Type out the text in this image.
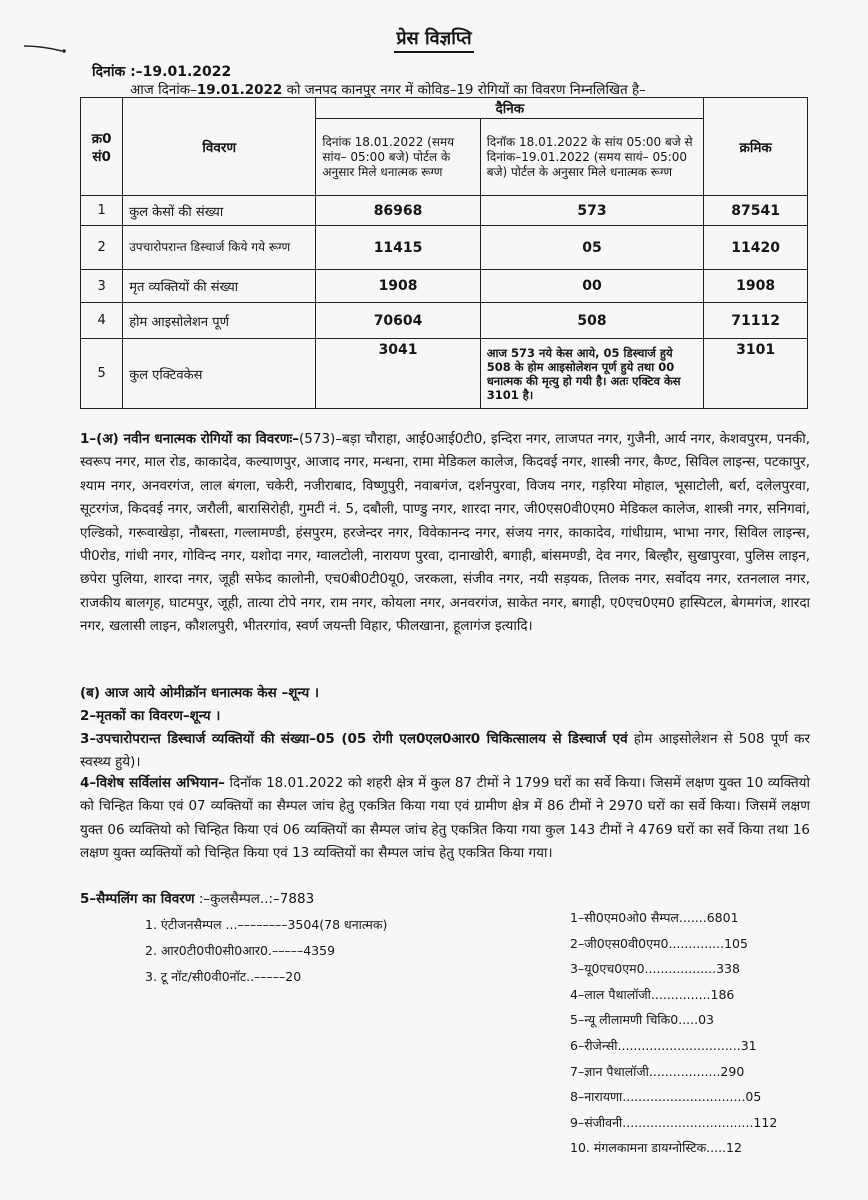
प्रेस विज्ञप्ति
दिनांक :–19.01.2022
आज दिनांक–19.01.2022 को जनपद कानपुर नगर में कोविड–19 रोगियों का विवरण निम्नलिखित है–
क्र0 सं0	विवरण	दैनिक		क्रमिक
		दिनांक 18.01.2022 (समय सांय– 05:00 बजे) पोर्टल के अनुसार मिले धनात्मक रूग्ण	दिनॉक 18.01.2022 के सांय 05:00 बजे से दिनांक–19.01.2022 (समय सायं– 05:00 बजे) पोर्टल के अनुसार मिले धनात्मक रूग्ण	
1	कुल केसों की संख्या	86968	573	87541
2	उपचारोपरान्त डिस्चार्ज किये गये रूग्ण	11415	05	11420
3	मृत व्यक्तियों की संख्या	1908	00	1908
4	होम आइसोलेशन पूर्ण	70604	508	71112
5	कुल एक्टिवकेस	3041	आज 573 नये केस आये, 05 डिस्चार्ज हुये 508 के होम आइसोलेशन पूर्ण हुये तथा 00 धनात्मक की मृत्यु हो गयी है। अतः एक्टिव केस 3101 है।	3101
1–(अ) नवीन धनात्मक रोगियों का विवरणः–(573)–बड़ा चौराहा, आई0आई0टी0, इन्दिरा नगर, लाजपत नगर, गुजैनी, आर्य नगर, केशवपुरम, पनकी, स्वरूप नगर, माल रोड, काकादेव, कल्याणपुर, आजाद नगर, मन्धना, रामा मेडिकल कालेज, किदवई नगर, शास्त्री नगर, कैण्ट, सिविल लाइन्स, पटकापुर, श्याम नगर, अनवरगंज, लाल बंगला, चकेरी, नजीराबाद, विष्णुपुरी, नवाबगंज, दर्शनपुरवा, विजय नगर, गड़रिया मोहाल, भूसाटोली, बर्रा, दलेलपुरवा, सूटरगंज, किदवई नगर, जरौली, बारासिरोही, गुमटी नं. 5, दबौली, पाण्डु नगर, शारदा नगर, जी0एस0वी0एम0 मेडिकल कालेज, शास्त्री नगर, सनिगवां, एल्डिको, गरूवाखेड़ा, नौबस्ता, गल्लामण्डी, हंसपुरम, हरजेन्दर नगर, विवेकानन्द नगर, संजय नगर, काकादेव, गांधीग्राम, भाभा नगर, सिविल लाइन्स, पी0रोड, गांधी नगर, गोविन्द नगर, यशोदा नगर, ग्वालटोली, नारायण पुरवा, दानाखोरी, बगाही, बांसमण्डी, देव नगर, बिल्हौर, सुखापुरवा, पुलिस लाइन, छपेरा पुलिया, शारदा नगर, जूही सफेद कालोनी, एच0बी0टी0यू0, जरकला, संजीव नगर, नयी सड़यक, तिलक नगर, सर्वोदय नगर, रतनलाल नगर, राजकीय बालगृह, घाटमपुर, जूही, तात्या टोपे नगर, राम नगर, कोयला नगर, अनवरगंज, साकेत नगर, बगाही, ए0एच0एम0 हास्पिटल, बेगमगंज, शारदा नगर, खलासी लाइन, कौशलपुरी, भीतरगांव, स्वर्ण जयन्ती विहार, फीलखाना, हूलागंज इत्यादि।
(ब) आज आये ओमीक्रॉन धनात्मक केस –शून्य ।
2–मृतकों का विवरण–शून्य ।
3–उपचारोपरान्त डिस्चार्ज व्यक्तियों की संख्या–05 (05 रोगी एल0एल0आर0 चिकित्सालय से डिस्चार्ज एवं होम आइसोलेशन से 508 पूर्ण कर स्वस्थ्य हुये)।
4–विशेष सर्विलांस अभियान– दिनॉक 18.01.2022 को शहरी क्षेत्र में कुल 87 टीमों ने 1799 घरों का सर्वे किया। जिसमें लक्षण युक्त 10 व्यक्तियो को चिन्हित किया एवं 07 व्यक्तियों का सैम्पल जांच हेतु एकत्रित किया गया एवं ग्रामीण क्षेत्र में 86 टीमों ने 2970 घरों का सर्वे किया। जिसमें लक्षण युक्त 06 व्यक्तियो को चिन्हित किया एवं 06 व्यक्तियों का सैम्पल जांच हेतु एकत्रित किया गया कुल 143 टीमों ने 4769 घरों का सर्वे किया तथा 16 लक्षण युक्त व्यक्तियों को चिन्हित किया एवं 13 व्यक्तियों का सैम्पल जांच हेतु एकत्रित किया गया।
5–सैम्पलिंग का विवरण :–कुलसैम्पल..:–7883
1. एंटीजनसैम्पल ...––––––––3504(78 धनात्मक)
2. आर0टी0पी0सी0आर0.–––––4359
3. टू नॉट/सी0वी0नॉट..–––––20
1–सी0एम0ओ0 सैम्पल.......6801
2–जी0एस0वी0एम0..............105
3–यू0एच0एम0..................338
4–लाल पैथालॉजी...............186
5–न्यू लीलामणी चिकि0.....03
6–रीजेन्सी...............................31
7–ज्ञान पैथालॉजी..................290
8–नारायणा...............................05
9–संजीवनी.................................112
10. मंगलकामना डायग्नोस्टिक.....12
